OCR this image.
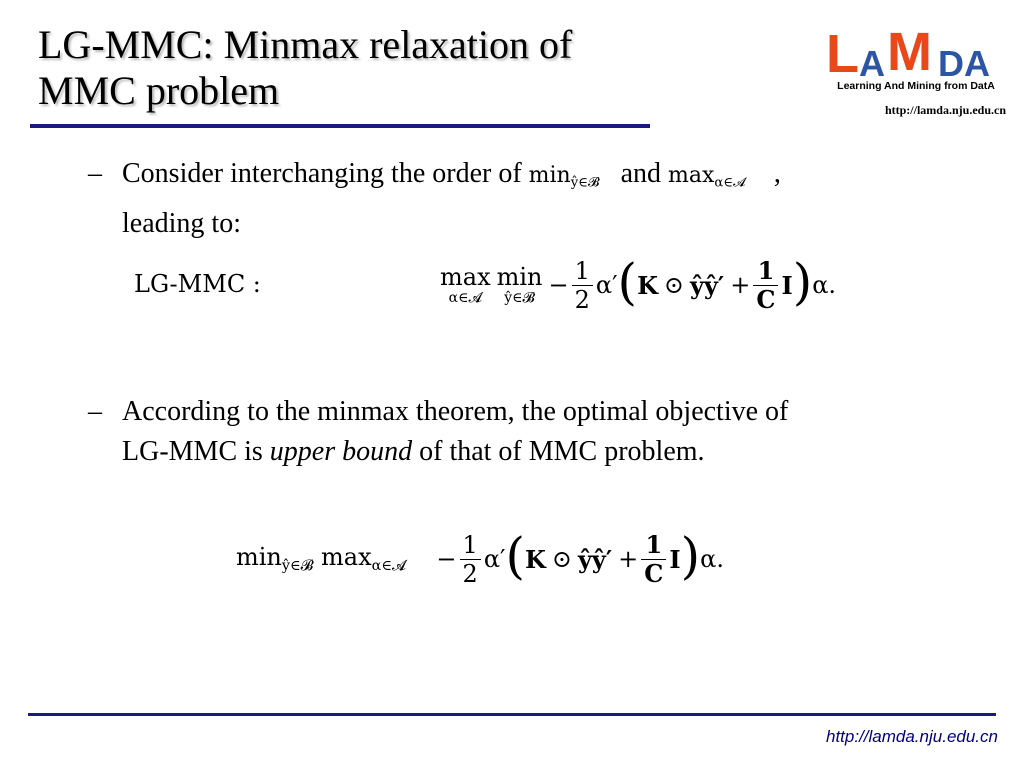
LG-MMC: Minmax relaxation of
MMC problem
L A M D A
Learning And Mining from DatA
http://lamda.nju.edu.cn
– Consider interchanging the order of $\min_{ŷ\in 𝓑}$ and $\max_{\alpha\in 𝓐}$ ,
leading to:
LG-MMC :	max
α∈𝓐
min
ŷ∈𝓑 − $\frac{1}{2} \alpha'$ ( K ⊙ ŷŷ′ + $\frac{1}{C}$ I ) α.
– According to the minmax theorem, the optimal objective of
LG-MMC is upper bound of that of MMC problem.
$\min_{ŷ\in 𝓑}$
$\max_{\alpha\in 𝓐}$
− $\frac{1}{2} \alpha'$ ( K ⊙ ŷŷ′ + $\frac{1}{C}$ I ) α.
http://lamda.nju.edu.cn
